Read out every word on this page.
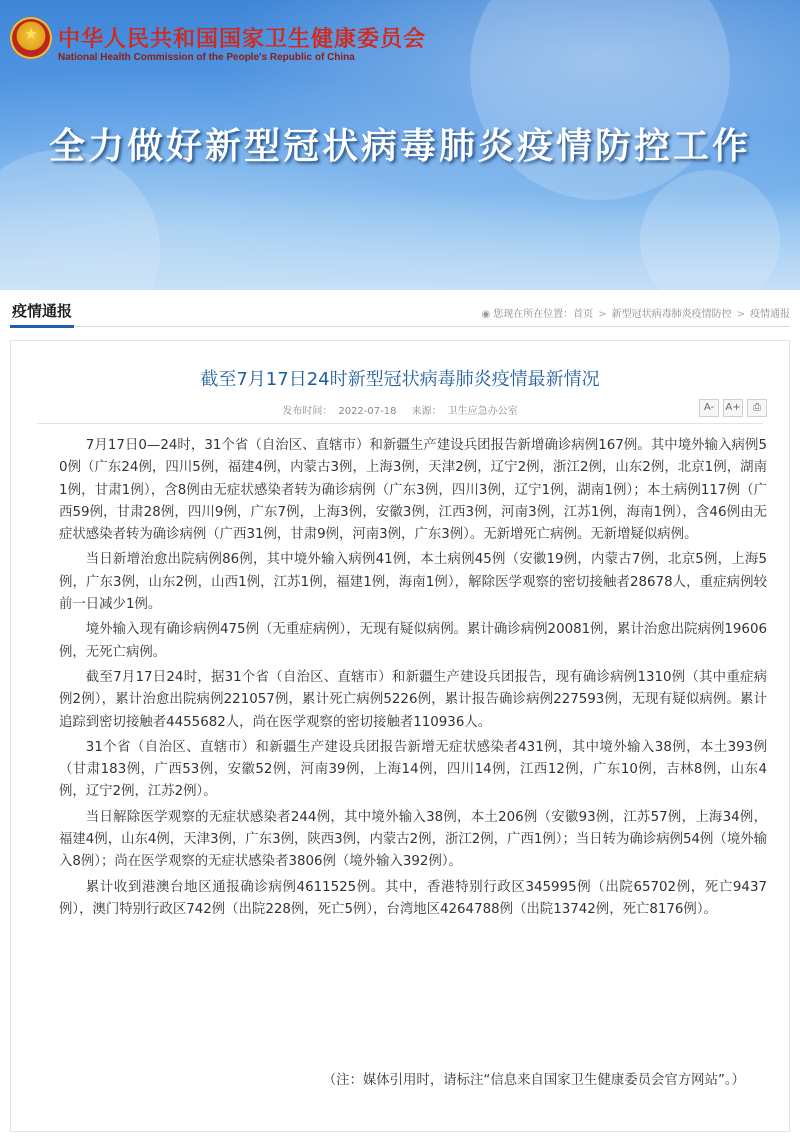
★ 中华人民共和国国家卫生健康委员会
National Health Commission of the People's Republic of China
全力做好新型冠状病毒肺炎疫情防控工作
疫情通报	◉ 您现在所在位置：首页 > 新型冠状病毒肺炎疫情防控 > 疫情通报
截至7月17日24时新型冠状病毒肺炎疫情最新情况
发布时间： 2022-07-18 来源： 卫生应急办公室	A- A+ ⎙

7月17日0—24时，31个省（自治区、直辖市）和新疆生产建设兵团报告新增确诊病例167例。其中境外输入病例50例（广东24例，四川5例，福建4例，内蒙古3例，上海3例，天津2例，辽宁2例，浙江2例，山东2例，北京1例，湖南1例，甘肃1例），含8例由无症状感染者转为确诊病例（广东3例，四川3例，辽宁1例，湖南1例）；本土病例117例（广西59例，甘肃28例，四川9例，广东7例，上海3例，安徽3例，江西3例，河南3例，江苏1例，海南1例），含46例由无症状感染者转为确诊病例（广西31例，甘肃9例，河南3例，广东3例）。无新增死亡病例。无新增疑似病例。

当日新增治愈出院病例86例，其中境外输入病例41例，本土病例45例（安徽19例，内蒙古7例，北京5例，上海5例，广东3例，山东2例，山西1例，江苏1例，福建1例，海南1例），解除医学观察的密切接触者28678人，重症病例较前一日减少1例。

境外输入现有确诊病例475例（无重症病例），无现有疑似病例。累计确诊病例20081例，累计治愈出院病例19606例，无死亡病例。

截至7月17日24时，据31个省（自治区、直辖市）和新疆生产建设兵团报告，现有确诊病例1310例（其中重症病例2例），累计治愈出院病例221057例，累计死亡病例5226例，累计报告确诊病例227593例，无现有疑似病例。累计追踪到密切接触者4455682人，尚在医学观察的密切接触者110936人。

31个省（自治区、直辖市）和新疆生产建设兵团报告新增无症状感染者431例，其中境外输入38例，本土393例（甘肃183例，广西53例，安徽52例，河南39例，上海14例，四川14例，江西12例，广东10例，吉林8例，山东4例，辽宁2例，江苏2例）。

当日解除医学观察的无症状感染者244例，其中境外输入38例，本土206例（安徽93例，江苏57例，上海34例，福建4例，山东4例，天津3例，广东3例，陕西3例，内蒙古2例，浙江2例，广西1例）；当日转为确诊病例54例（境外输入8例）；尚在医学观察的无症状感染者3806例（境外输入392例）。

累计收到港澳台地区通报确诊病例4611525例。其中，香港特别行政区345995例（出院65702例，死亡9437例），澳门特别行政区742例（出院228例，死亡5例），台湾地区4264788例（出院13742例，死亡8176例）。

（注：媒体引用时，请标注“信息来自国家卫生健康委员会官方网站”。）
